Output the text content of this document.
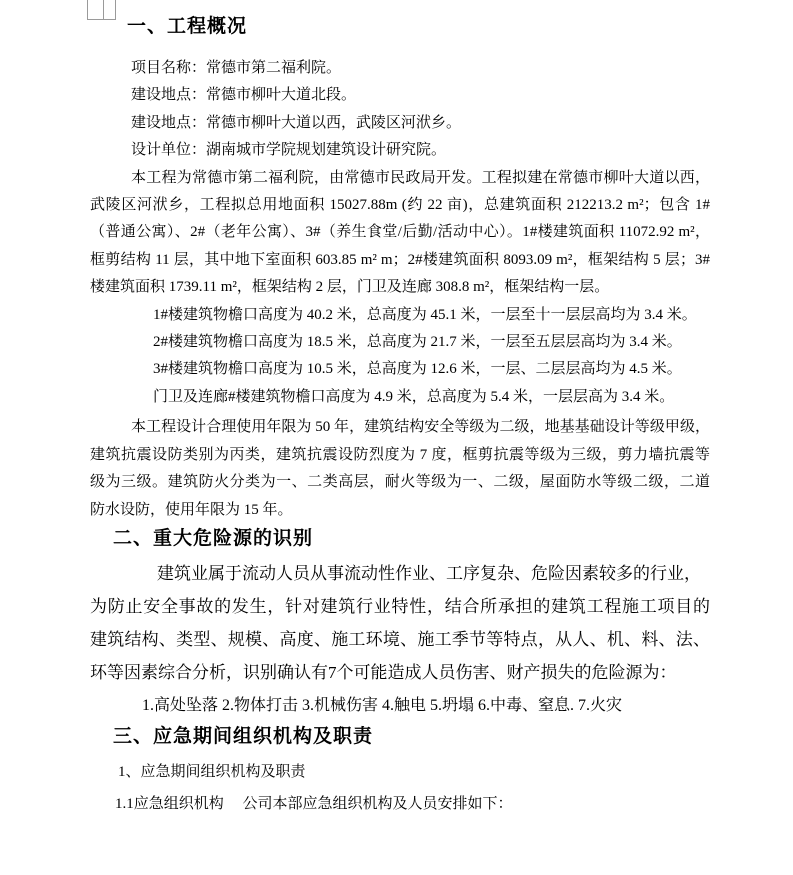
一、工程概况
项目名称：常德市第二福利院。
建设地点：常德市柳叶大道北段。
建设地点：常德市柳叶大道以西，武陵区河洑乡。
设计单位：湖南城市学院规划建筑设计研究院。
本工程为常德市第二福利院，由常德市民政局开发。工程拟建在常德市柳叶大道以西，
武陵区河洑乡，工程拟总用地面积 15027.88m (约 22 亩)，总建筑面积 212213.2 m²；包含 1#
（普通公寓）、2#（老年公寓）、3#（养生食堂/后勤/活动中心）。1#楼建筑面积 11072.92 m²，
框剪结构 11 层，其中地下室面积 603.85 m² m；2#楼建筑面积 8093.09 m²，框架结构 5 层；3#
楼建筑面积 1739.11 m²，框架结构 2 层，门卫及连廊 308.8 m²，框架结构一层。
1#楼建筑物檐口高度为 40.2 米，总高度为 45.1 米，一层至十一层层高均为 3.4 米。
2#楼建筑物檐口高度为 18.5 米，总高度为 21.7 米，一层至五层层高均为 3.4 米。
3#楼建筑物檐口高度为 10.5 米，总高度为 12.6 米，一层、二层层高均为 4.5 米。
门卫及连廊#楼建筑物檐口高度为 4.9 米，总高度为 5.4 米，一层层高为 3.4 米。
本工程设计合理使用年限为 50 年，建筑结构安全等级为二级，地基基础设计等级甲级，
建筑抗震设防类别为丙类，建筑抗震设防烈度为 7 度，框剪抗震等级为三级，剪力墙抗震等
级为三级。建筑防火分类为一、二类高层，耐火等级为一、二级，屋面防水等级二级，二道
防水设防，使用年限为 15 年。
二、重大危险源的识别
建筑业属于流动人员从事流动性作业、工序复杂、危险因素较多的行业，
为防止安全事故的发生，针对建筑行业特性，结合所承担的建筑工程施工项目的
建筑结构、类型、规模、高度、施工环境、施工季节等特点，从人、机、料、法、
环等因素综合分析，识别确认有7个可能造成人员伤害、财产损失的危险源为：
1.高处坠落 2.物体打击 3.机械伤害 4.触电 5.坍塌 6.中毒、窒息. 7.火灾
三、应急期间组织机构及职责
1、应急期间组织机构及职责
1.1应急组织机构　 公司本部应急组织机构及人员安排如下：
